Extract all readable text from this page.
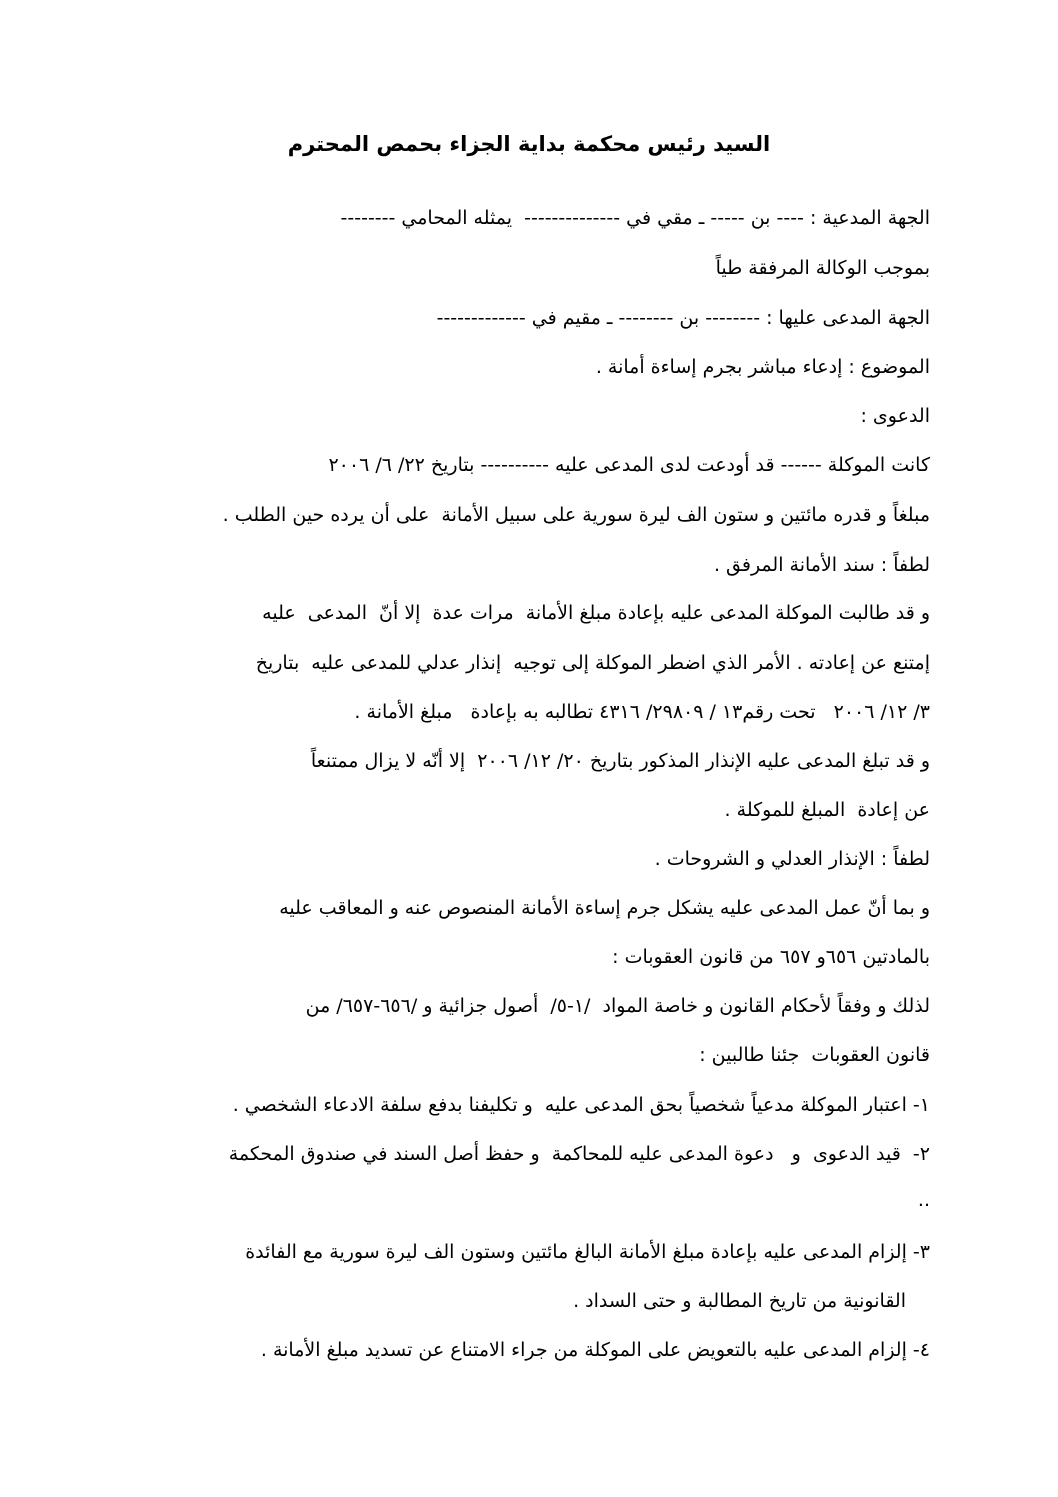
السيد رئيس محكمة بداية الجزاء بحمص المحترم
الجهة المدعية : ---- بن ----- ـ مقي في --------------  يمثله المحامي --------
بموجب الوكالة المرفقة طياً
الجهة المدعى عليها : -------- بن -------- ـ مقيم في -------------
الموضوع : إدعاء مباشر بجرم إساءة أمانة .
الدعوى :
كانت الموكلة ------ قد أودعت لدى المدعى عليه ---------- بتاريخ ٢٢/ ٦/ ٢٠٠٦
مبلغاً و قدره مائتين و ستون الف ليرة سورية على سبيل الأمانة  على أن يرده حين الطلب .
لطفاً : سند الأمانة المرفق .
و قد طالبت الموكلة المدعى عليه بإعادة مبلغ الأمانة  مرات عدة  إلا أنّ  المدعى  عليه
إمتنع عن إعادته . الأمر الذي اضطر الموكلة إلى توجيه  إنذار عدلي للمدعى عليه  بتاريخ
٣/ ١٢/ ٢٠٠٦   تحت رقم١٣ / ٢٩٨٠٩/ ٤٣١٦ تطالبه به بإعادة   مبلغ الأمانة .
و قد تبلغ المدعى عليه الإنذار المذكور بتاريخ ٢٠/ ١٢/ ٢٠٠٦  إلا أنّه لا يزال ممتنعاً
عن إعادة  المبلغ للموكلة .
لطفاً : الإنذار العدلي و الشروحات .
و بما أنّ عمل المدعى عليه يشكل جرم إساءة الأمانة المنصوص عنه و المعاقب عليه
بالمادتين ٦٥٦و ٦٥٧ من قانون العقوبات :
لذلك و وفقاً لأحكام القانون و خاصة المواد  /١-٥/  أصول جزائية و /٦٥٦-٦٥٧/ من
قانون العقوبات  جئنا طالبين :
١- اعتبار الموكلة مدعياً شخصياً بحق المدعى عليه  و تكليفنا بدفع سلفة الادعاء الشخصي .
٢-  قيد الدعوى  و   دعوة المدعى عليه للمحاكمة  و حفظ أصل السند في صندوق المحكمة
..
٣- إلزام المدعى عليه بإعادة مبلغ الأمانة البالغ مائتين وستون الف ليرة سورية مع الفائدة
القانونية من تاريخ المطالبة و حتى السداد .
٤- إلزام المدعى عليه بالتعويض على الموكلة من جراء الامتناع عن تسديد مبلغ الأمانة .
